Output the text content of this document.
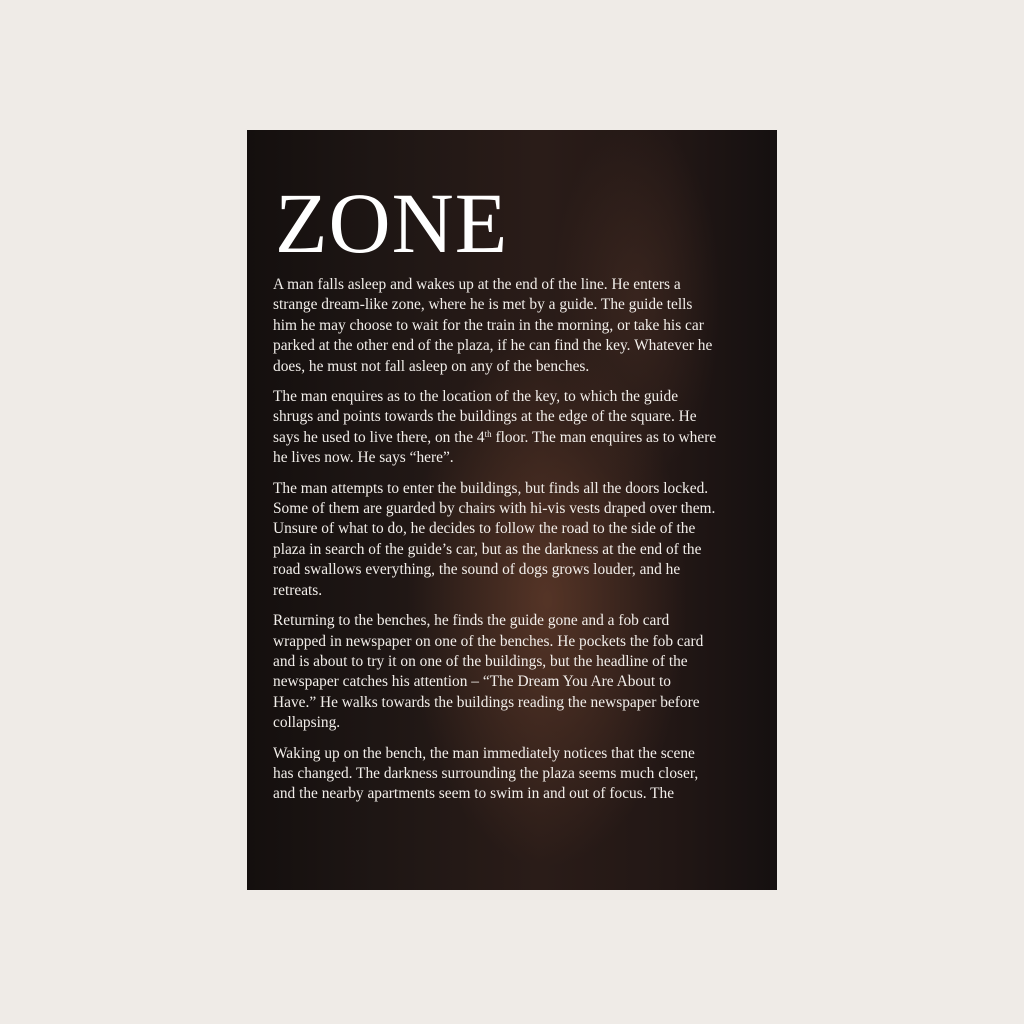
ZONE

A man falls asleep and wakes up at the end of the line. He enters a
strange dream-like zone, where he is met by a guide. The guide tells
him he may choose to wait for the train in the morning, or take his car
parked at the other end of the plaza, if he can find the key. Whatever he
does, he must not fall asleep on any of the benches.

The man enquires as to the location of the key, to which the guide
shrugs and points towards the buildings at the edge of the square. He
says he used to live there, on the 4th floor. The man enquires as to where
he lives now. He says “here”.

The man attempts to enter the buildings, but finds all the doors locked.
Some of them are guarded by chairs with hi-vis vests draped over them.
Unsure of what to do, he decides to follow the road to the side of the
plaza in search of the guide’s car, but as the darkness at the end of the
road swallows everything, the sound of dogs grows louder, and he
retreats.

Returning to the benches, he finds the guide gone and a fob card
wrapped in newspaper on one of the benches. He pockets the fob card
and is about to try it on one of the buildings, but the headline of the
newspaper catches his attention – “The Dream You Are About to
Have.” He walks towards the buildings reading the newspaper before
collapsing.

Waking up on the bench, the man immediately notices that the scene
has changed. The darkness surrounding the plaza seems much closer,
and the nearby apartments seem to swim in and out of focus. The
